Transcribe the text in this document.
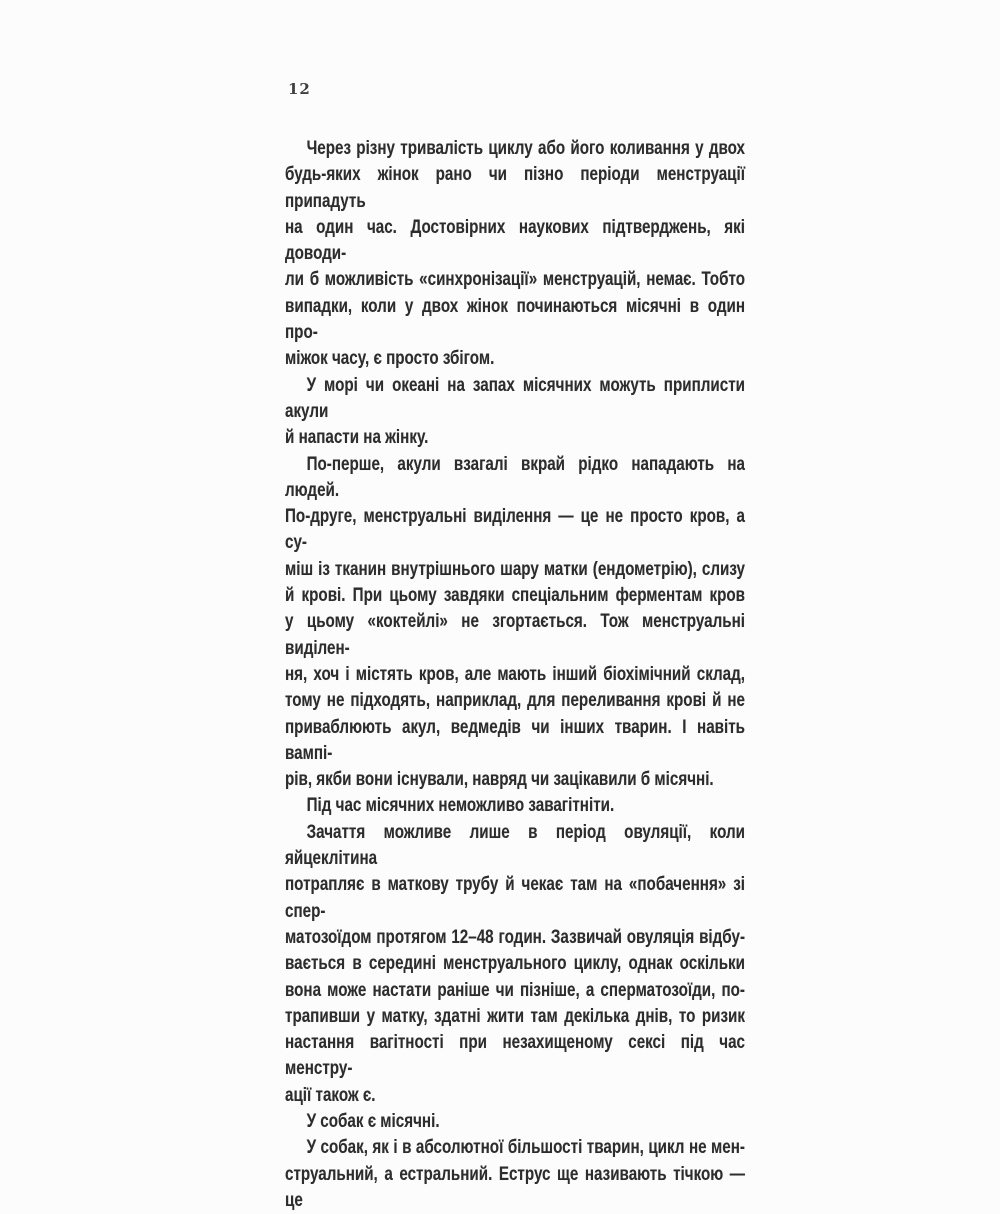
12

Через різну тривалість циклу або його коливання у двох
будь-яких жінок рано чи пізно періоди менструації припадуть
на один час. Достовірних наукових підтверджень, які доводи-
ли б можливість «синхронізації» менструацій, немає. Тобто
випадки, коли у двох жінок починаються місячні в один про-
міжок часу, є просто збігом.

У морі чи океані на запах місячних можуть приплисти акули
й напасти на жінку.

По-перше, акули взагалі вкрай рідко нападають на людей.
По-друге, менструальні виділення — це не просто кров, а су-
міш із тканин внутрішнього шару матки (ендометрію), слизу
й крові. При цьому завдяки спеціальним ферментам кров
у цьому «коктейлі» не згортається. Тож менструальні виділен-
ня, хоч і містять кров, але мають інший біохімічний склад,
тому не підходять, наприклад, для переливання крові й не
приваблюють акул, ведмедів чи інших тварин. І навіть вампі-
рів, якби вони існували, навряд чи зацікавили б місячні.

Під час місячних неможливо завагітніти.

Зачаття можливе лише в період овуляції, коли яйцеклітина
потрапляє в маткову трубу й чекає там на «побачення» зі спер-
матозоїдом протягом 12–48 годин. Зазвичай овуляція відбу-
вається в середині менструального циклу, однак оскільки
вона може настати раніше чи пізніше, а сперматозоїди, по-
трапивши у матку, здатні жити там декілька днів, то ризик
настання вагітності при незахищеному сексі під час менстру-
ації також є.

У собак є місячні.

У собак, як і в абсолютної більшості тварин, цикл не мен-
струальний, а естральний. Еструс ще називають тічкою — це
